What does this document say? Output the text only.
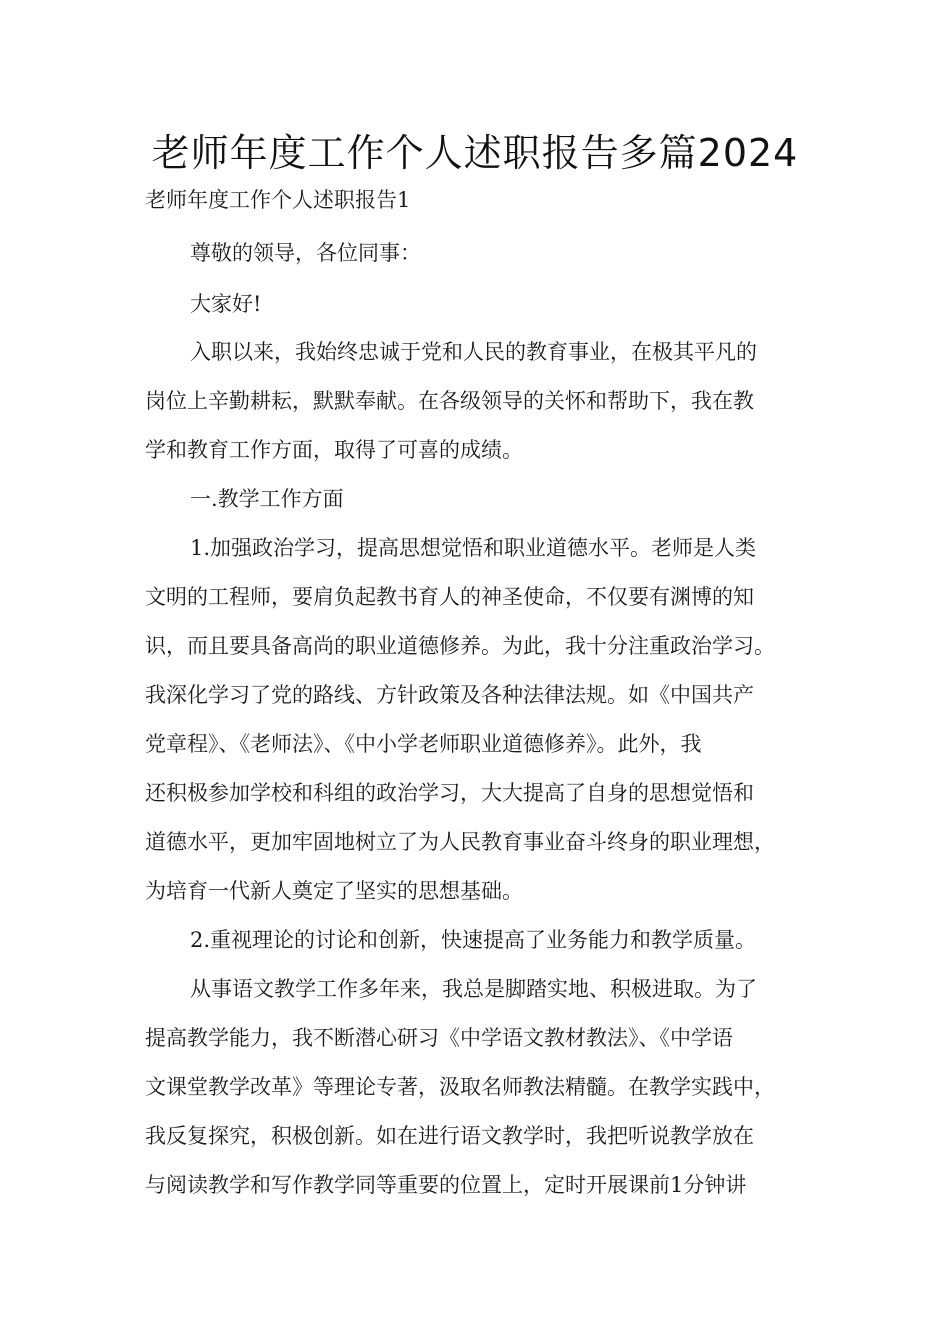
老师年度工作个人述职报告多篇2024
老师年度工作个人述职报告1
尊敬的领导，各位同事：
大家好!
入职以来，我始终忠诚于党和人民的教育事业，在极其平凡的
岗位上辛勤耕耘，默默奉献。在各级领导的关怀和帮助下，我在教
学和教育工作方面，取得了可喜的成绩。
一.教学工作方面
1.加强政治学习，提高思想觉悟和职业道德水平。老师是人类
文明的工程师，要肩负起教书育人的神圣使命，不仅要有渊博的知
识，而且要具备高尚的职业道德修养。为此，我十分注重政治学习。
我深化学习了党的路线、方针政策及各种法律法规。如《中国共产
党章程》、《老师法》、《中小学老师职业道德修养》。此外，我
还积极参加学校和科组的政治学习，大大提高了自身的思想觉悟和
道德水平，更加牢固地树立了为人民教育事业奋斗终身的职业理想，
为培育一代新人奠定了坚实的思想基础。
2.重视理论的讨论和创新，快速提高了业务能力和教学质量。
从事语文教学工作多年来，我总是脚踏实地、积极进取。为了
提高教学能力，我不断潜心研习《中学语文教材教法》、《中学语
文课堂教学改革》等理论专著，汲取名师教法精髓。在教学实践中，
我反复探究，积极创新。如在进行语文教学时，我把听说教学放在
与阅读教学和写作教学同等重要的位置上，定时开展课前1分钟讲
